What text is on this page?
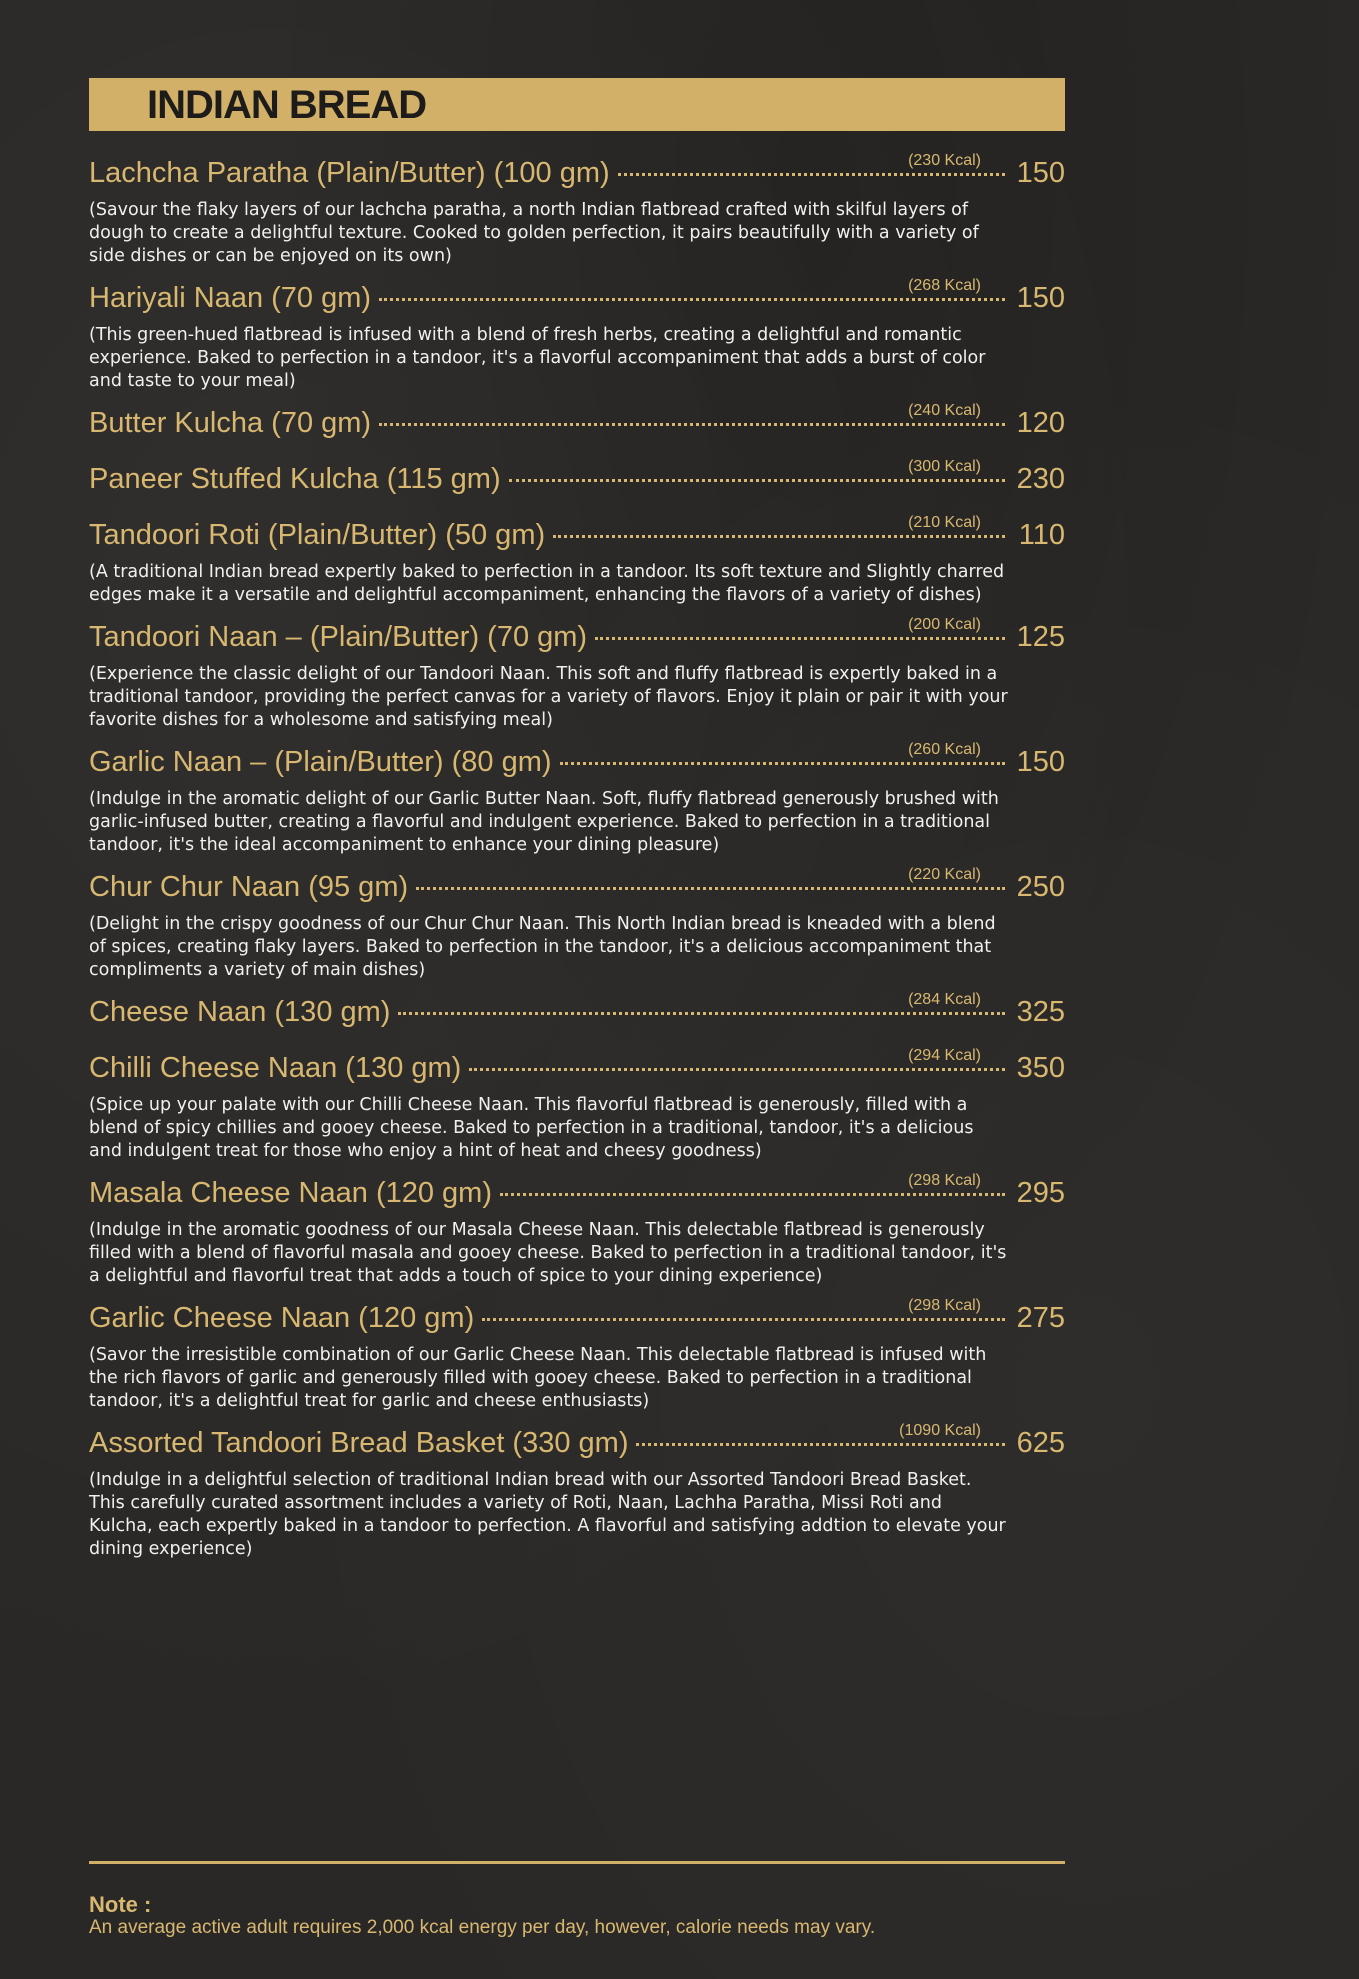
INDIAN BREAD
Lachcha Paratha (Plain/Butter) (100 gm)	(230 Kcal) 150
(Savour the flaky layers of our lachcha paratha, a north Indian flatbread crafted with skilful layers of dough to create a delightful texture. Cooked to golden perfection, it pairs beautifully with a variety of side dishes or can be enjoyed on its own)
Hariyali Naan (70 gm)	(268 Kcal) 150
(This green-hued flatbread is infused with a blend of fresh herbs, creating a delightful and romantic experience. Baked to perfection in a tandoor, it's a flavorful accompaniment that adds a burst of color and taste to your meal)
Butter Kulcha (70 gm)	(240 Kcal) 120
Paneer Stuffed Kulcha (115 gm)	(300 Kcal) 230
Tandoori Roti (Plain/Butter) (50 gm)	(210 Kcal) 110
(A traditional Indian bread expertly baked to perfection in a tandoor. Its soft texture and Slightly charred edges make it a versatile and delightful accompaniment, enhancing the flavors of a variety of dishes)
Tandoori Naan – (Plain/Butter) (70 gm)	(200 Kcal) 125
(Experience the classic delight of our Tandoori Naan. This soft and fluffy flatbread is expertly baked in a traditional tandoor, providing the perfect canvas for a variety of flavors. Enjoy it plain or pair it with your favorite dishes for a wholesome and satisfying meal)
Garlic Naan – (Plain/Butter) (80 gm)	(260 Kcal) 150
(Indulge in the aromatic delight of our Garlic Butter Naan. Soft, fluffy flatbread generously brushed with garlic-infused butter, creating a flavorful and indulgent experience. Baked to perfection in a traditional tandoor, it's the ideal accompaniment to enhance your dining pleasure)
Chur Chur Naan (95 gm)	(220 Kcal) 250
(Delight in the crispy goodness of our Chur Chur Naan. This North Indian bread is kneaded with a blend of spices, creating flaky layers. Baked to perfection in the tandoor, it's a delicious accompaniment that compliments a variety of main dishes)
Cheese Naan (130 gm)	(284 Kcal) 325
Chilli Cheese Naan (130 gm)	(294 Kcal) 350
(Spice up your palate with our Chilli Cheese Naan. This flavorful flatbread is generously, filled with a blend of spicy chillies and gooey cheese. Baked to perfection in a traditional, tandoor, it's a delicious and indulgent treat for those who enjoy a hint of heat and cheesy goodness)
Masala Cheese Naan (120 gm)	(298 Kcal) 295
(Indulge in the aromatic goodness of our Masala Cheese Naan. This delectable flatbread is generously filled with a blend of flavorful masala and gooey cheese. Baked to perfection in a traditional tandoor, it's a delightful and flavorful treat that adds a touch of spice to your dining experience)
Garlic Cheese Naan (120 gm)	(298 Kcal) 275
(Savor the irresistible combination of our Garlic Cheese Naan. This delectable flatbread is infused with the rich flavors of garlic and generously filled with gooey cheese. Baked to perfection in a traditional tandoor, it's a delightful treat for garlic and cheese enthusiasts)
Assorted Tandoori Bread Basket (330 gm)	(1090 Kcal) 625
(Indulge in a delightful selection of traditional Indian bread with our Assorted Tandoori Bread Basket. This carefully curated assortment includes a variety of Roti, Naan, Lachha Paratha, Missi Roti and Kulcha, each expertly baked in a tandoor to perfection. A flavorful and satisfying addtion to elevate your dining experience)
Note :
An average active adult requires 2,000 kcal energy per day, however, calorie needs may vary.
